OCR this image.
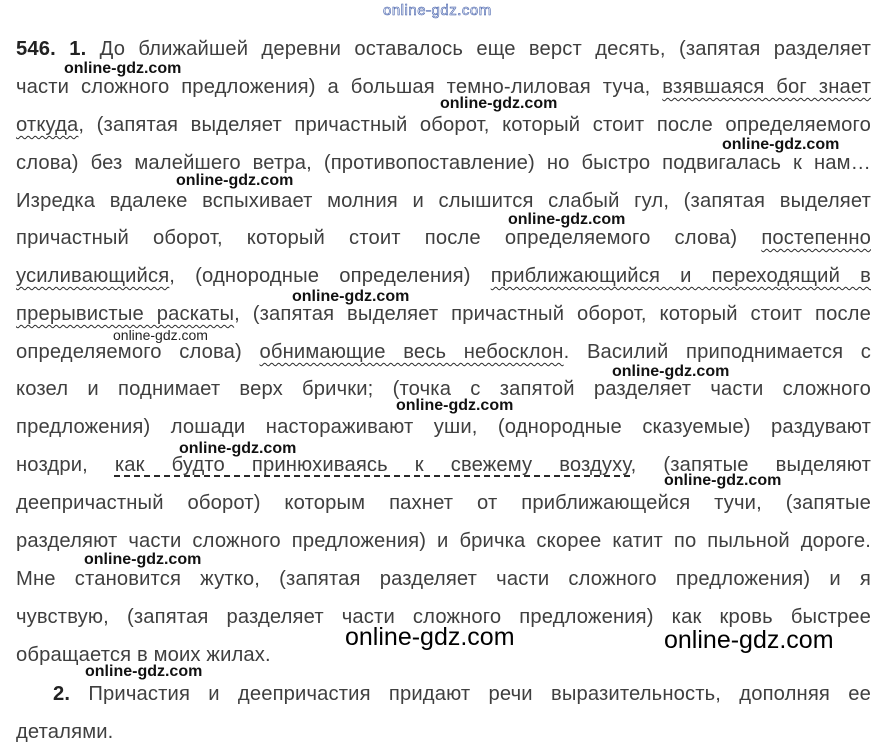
546. 1. До ближайшей деревни оставалось еще верст десять, (запятая разделяет
части сложного предложения) а большая темно-лиловая туча, взявшаяся бог знает
откуда, (запятая выделяет причастный оборот, который стоит после определяемого
слова) без малейшего ветра, (противопоставление) но быстро подвигалась к нам…
Изредка вдалеке вспыхивает молния и слышится слабый гул, (запятая выделяет
причастный оборот, который стоит после определяемого слова) постепенно
усиливающийся, (однородные определения) приближающийся и переходящий в
прерывистые раскаты, (запятая выделяет причастный оборот, который стоит после
определяемого слова) обнимающие весь небосклон. Василий приподнимается с
козел и поднимает верх брички; (точка с запятой разделяет части сложного
предложения) лошади настораживают уши, (однородные сказуемые) раздувают
ноздри, как будто принюхиваясь к свежему воздуху, (запятые выделяют
деепричастный оборот) которым пахнет от приближающейся тучи, (запятые
разделяют части сложного предложения) и бричка скорее катит по пыльной дороге.
Мне становится жутко, (запятая разделяет части сложного предложения) и я
чувствую, (запятая разделяет части сложного предложения) как кровь быстрее
обращается в моих жилах.
2. Причастия и деепричастия придают речи выразительность, дополняя ее
деталями.
online-gdz.com
online-gdz.com
online-gdz.com
online-gdz.com
online-gdz.com
online-gdz.com
online-gdz.com
online-gdz.com
online-gdz.com
online-gdz.com
online-gdz.com
online-gdz.com
online-gdz.com
online-gdz.com	online-gdz.com
online-gdz.com
